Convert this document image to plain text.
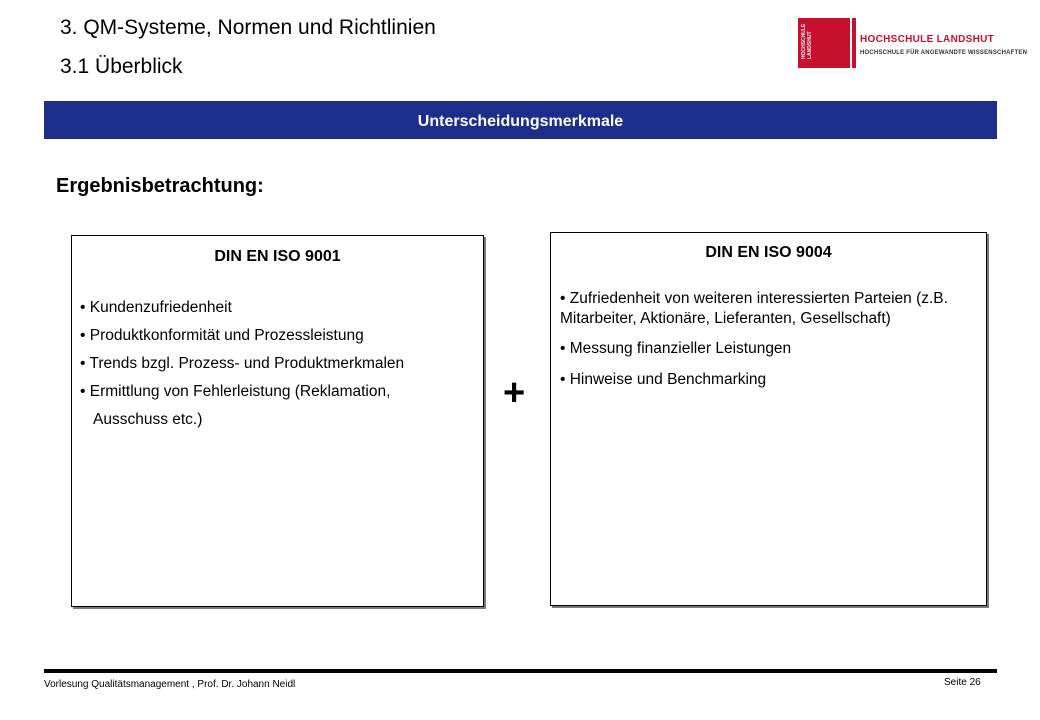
3. QM-Systeme, Normen und Richtlinien
3.1 Überblick
HOCHSCHULE LANDSHUT	HOCHSCHULE LANDSHUT
HOCHSCHULE FÜR ANGEWANDTE WISSENSCHAFTEN
Unterscheidungsmerkmale
Ergebnisbetrachtung:
DIN EN ISO 9001
• Kundenzufriedenheit
• Produktkonformität und Prozessleistung
• Trends bzgl. Prozess- und Produktmerkmalen
• Ermittlung von Fehlerleistung (Reklamation,
Ausschuss etc.)
+
DIN EN ISO 9004
• Zufriedenheit von weiteren interessierten Parteien (z.B. Mitarbeiter, Aktionäre, Lieferanten, Gesellschaft)
• Messung finanzieller Leistungen
• Hinweise und Benchmarking
Vorlesung Qualitätsmanagement , Prof. Dr. Johann Neidl	Seite 26
